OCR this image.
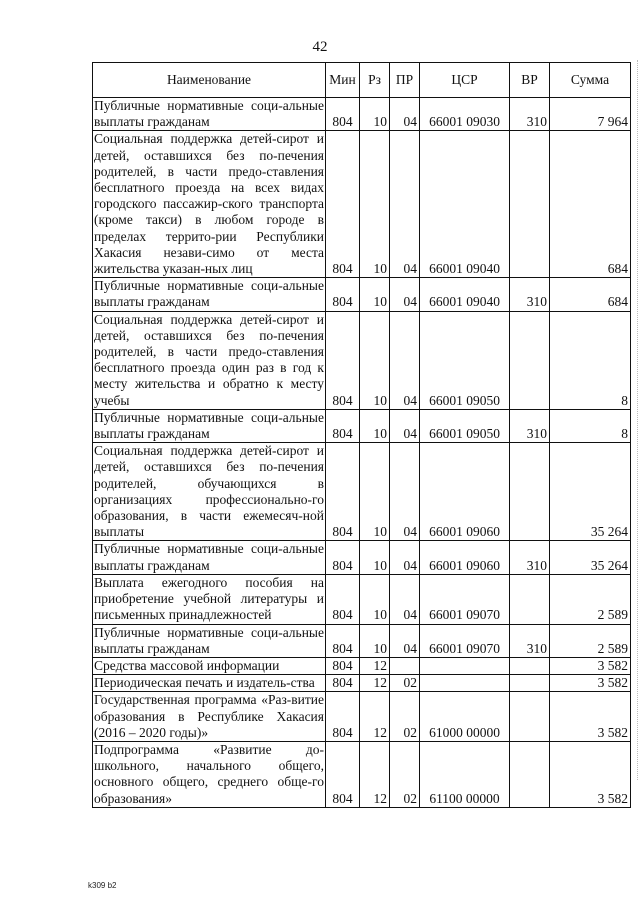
42
Наименование	Мин	Рз	ПР	ЦСР	ВР	Сумма
Публичные нормативные соци-альные выплаты гражданам	804	10	04	66001 09030	310	7 964
Социальная поддержка детей-сирот и детей, оставшихся без по-печения родителей, в части предо-ставления бесплатного проезда на всех видах городского пассажир-ского транспорта (кроме такси) в любом городе в пределах террито-рии Республики Хакасия незави-симо от места жительства указан-ных лиц	804	10	04	66001 09040		684
Публичные нормативные соци-альные выплаты гражданам	804	10	04	66001 09040	310	684
Социальная поддержка детей-сирот и детей, оставшихся без по-печения родителей, в части предо-ставления бесплатного проезда один раз в год к месту жительства и обратно к месту учебы	804	10	04	66001 09050		8
Публичные нормативные соци-альные выплаты гражданам	804	10	04	66001 09050	310	8
Социальная поддержка детей-сирот и детей, оставшихся без по-печения родителей, обучающихся в организациях профессионально-го образования, в части ежемесяч-ной выплаты	804	10	04	66001 09060		35 264
Публичные нормативные соци-альные выплаты гражданам	804	10	04	66001 09060	310	35 264
Выплата ежегодного пособия на приобретение учебной литературы и письменных принадлежностей	804	10	04	66001 09070		2 589
Публичные нормативные соци-альные выплаты гражданам	804	10	04	66001 09070	310	2 589
Средства массовой информации	804	12				3 582
Периодическая печать и издатель-ства	804	12	02			3 582
Государственная программа «Раз-витие образования в Республике Хакасия (2016 – 2020 годы)»	804	12	02	61000 00000		3 582
Подпрограмма «Развитие до-школьного, начального общего, основного общего, среднего обще-го образования»	804	12	02	61100 00000		3 582
k309 b2
